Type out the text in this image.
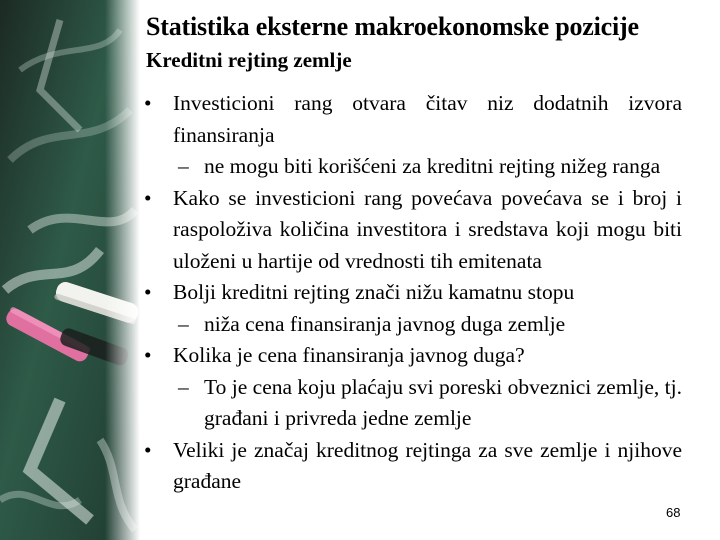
Statistika eksterne makroekonomske pozicije
Kreditni rejting zemlje
• Investicioni rang otvara čitav niz dodatnih izvora finansiranja
– ne mogu biti korišćeni za kreditni rejting nižeg ranga
• Kako se investicioni rang povećava povećava se i broj i raspoloživa količina investitora i sredstava koji mogu biti uloženi u hartije od vrednosti tih emitenata
• Bolji kreditni rejting znači nižu kamatnu stopu
– niža cena finansiranja javnog duga zemlje
• Kolika je cena finansiranja javnog duga?
– To je cena koju plaćaju svi poreski obveznici zemlje, tj. građani i privreda jedne zemlje
• Veliki je značaj kreditnog rejtinga za sve zemlje i njihove građane
68
